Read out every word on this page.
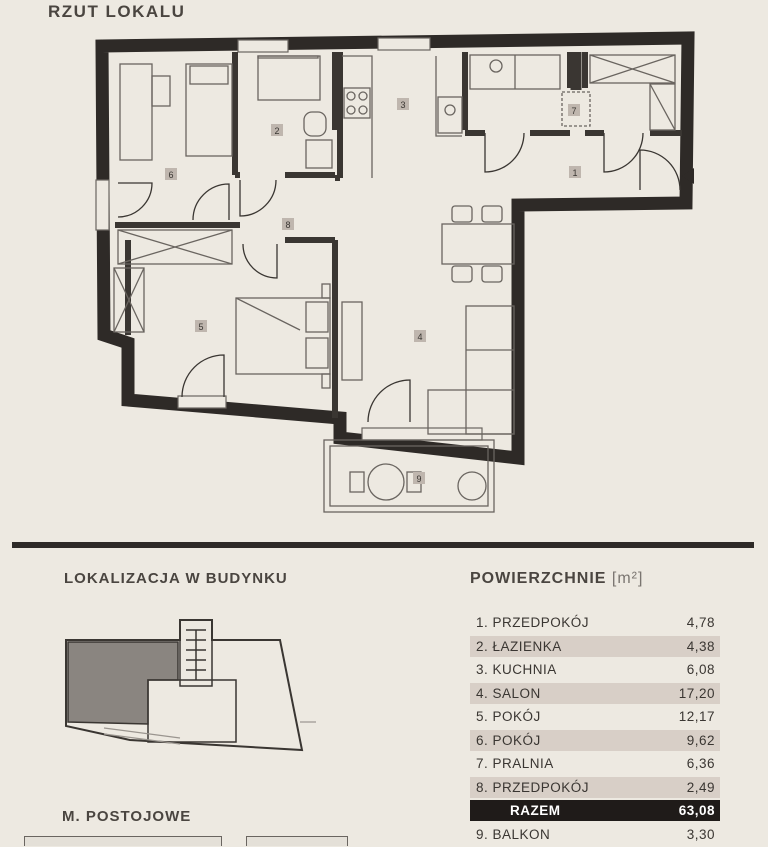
RZUT LOKALU
1
2
3
4
5
6
7
8
9
LOKALIZACJA W BUDYNKU
M. POSTOJOWE
POWIERZCHNIE [m²]
1. PRZEDPOKÓJ	4,78
2. ŁAZIENKA	4,38
3. KUCHNIA	6,08
4. SALON	17,20
5. POKÓJ	12,17
6. POKÓJ	9,62
7. PRALNIA	6,36
8. PRZEDPOKÓJ	2,49
RAZEM	63,08
9. BALKON	3,30
